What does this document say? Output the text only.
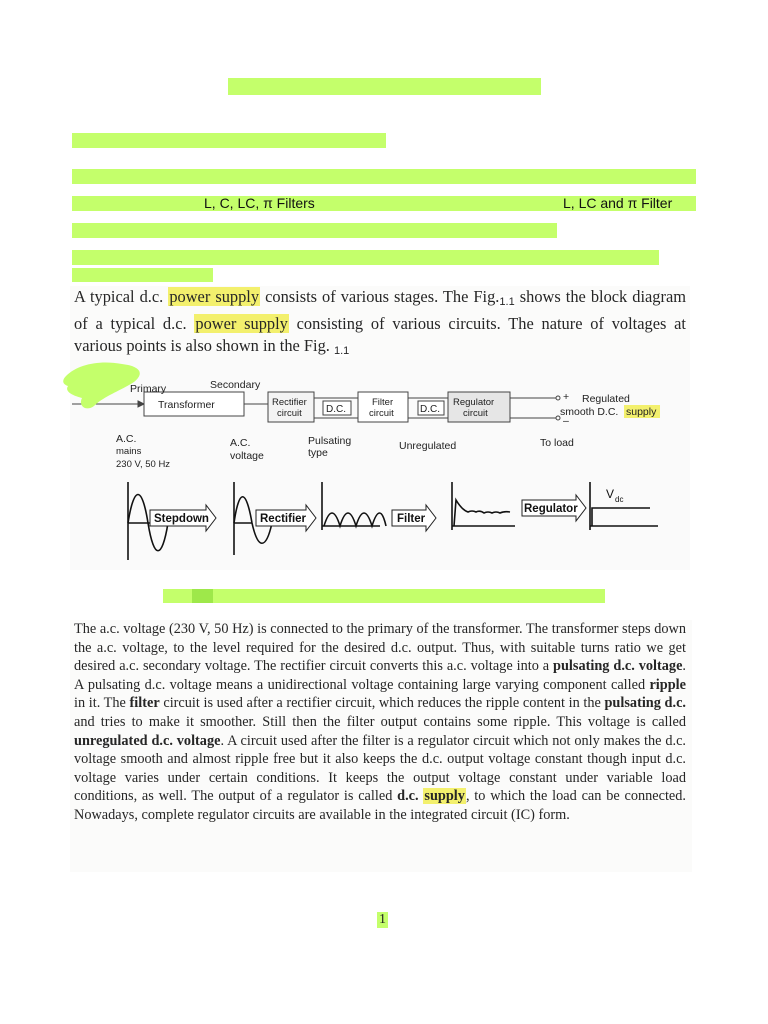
L, C, LC, π Filters	L, LC and π Filter
A typical d.c. power supply consists of various stages. The Fig.1.1 shows the block diagram of a typical d.c. power supply consisting of various circuits. The nature of voltages at various points is also shown in the Fig. 1.1
Primary	Secondary
Transformer	Rectifier
circuit D.C.
Filter
circuit	D.C.
Regulator
circuit
+
–
Regulated
smooth D.C. supply
A.C.
mains
230 V, 50 Hz
A.C.
voltage
Pulsating
type
Unregulated	To load
Stepdown	Rectifier	Filter
Regulator
V dc
The a.c. voltage (230 V, 50 Hz) is connected to the primary of the transformer. The transformer steps down the a.c. voltage, to the level required for the desired d.c. output. Thus, with suitable turns ratio we get desired a.c. secondary voltage. The rectifier circuit converts this a.c. voltage into a pulsating d.c. voltage. A pulsating d.c. voltage means a unidirectional voltage containing large varying component called ripple in it. The filter circuit is used after a rectifier circuit, which reduces the ripple content in the pulsating d.c. and tries to make it smoother. Still then the filter output contains some ripple. This voltage is called unregulated d.c. voltage. A circuit used after the filter is a regulator circuit which not only makes the d.c. voltage smooth and almost ripple free but it also keeps the d.c. output voltage constant though input d.c. voltage varies under certain conditions. It keeps the output voltage constant under variable load conditions, as well. The output of a regulator is called d.c. supply, to which the load can be connected. Nowadays, complete regulator circuits are available in the integrated circuit (IC) form.
1
